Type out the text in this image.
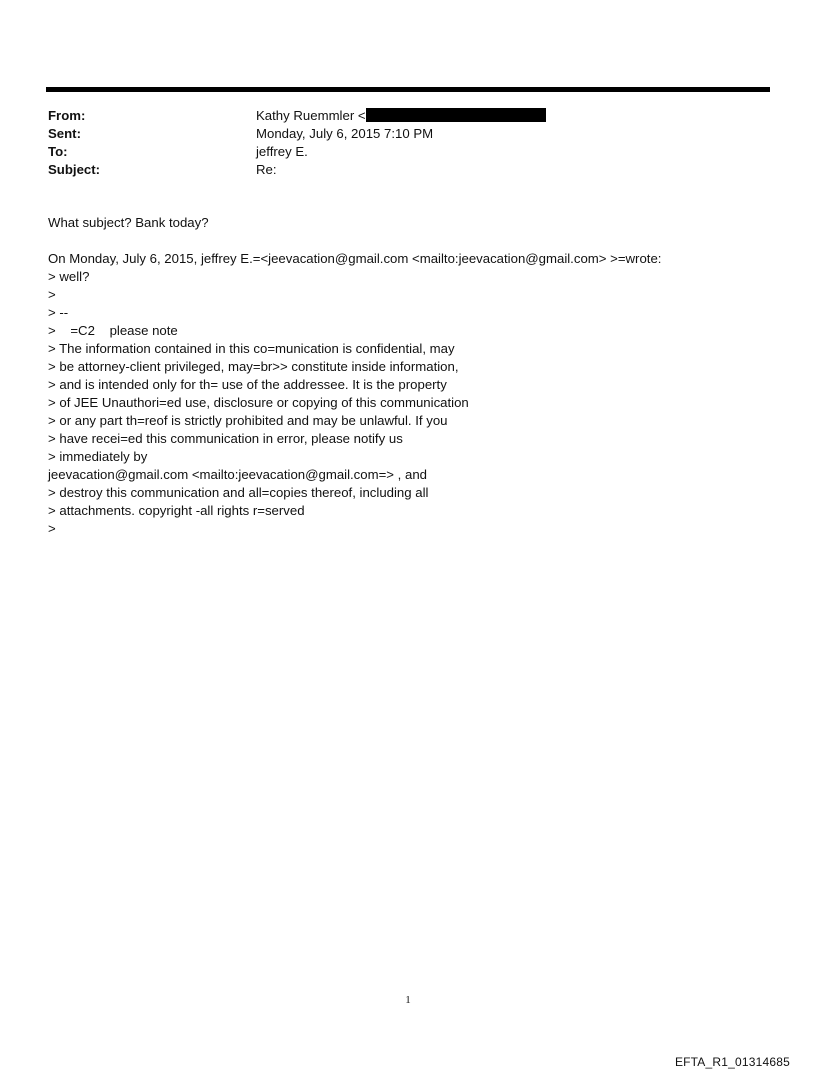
From:	Kathy Ruemmler <
Sent:	Monday, July 6, 2015 7:10 PM
To:	jeffrey E.
Subject:	Re:
What subject? Bank today?
On Monday, July 6, 2015, jeffrey E.=<jeevacation@gmail.com <mailto:jeevacation@gmail.com> >=wrote:
> well?
>
> --
>    =C2    please note
> The information contained in this co=munication is confidential, may
> be attorney-client privileged, may=br>> constitute inside information,
> and is intended only for th= use of the addressee. It is the property
> of JEE Unauthori=ed use, disclosure or copying of this communication
> or any part th=reof is strictly prohibited and may be unlawful. If you
> have recei=ed this communication in error, please notify us
> immediately by
jeevacation@gmail.com <mailto:jeevacation@gmail.com=> , and
> destroy this communication and all=copies thereof, including all
> attachments. copyright -all rights r=served
>
1
EFTA_R1_01314685
